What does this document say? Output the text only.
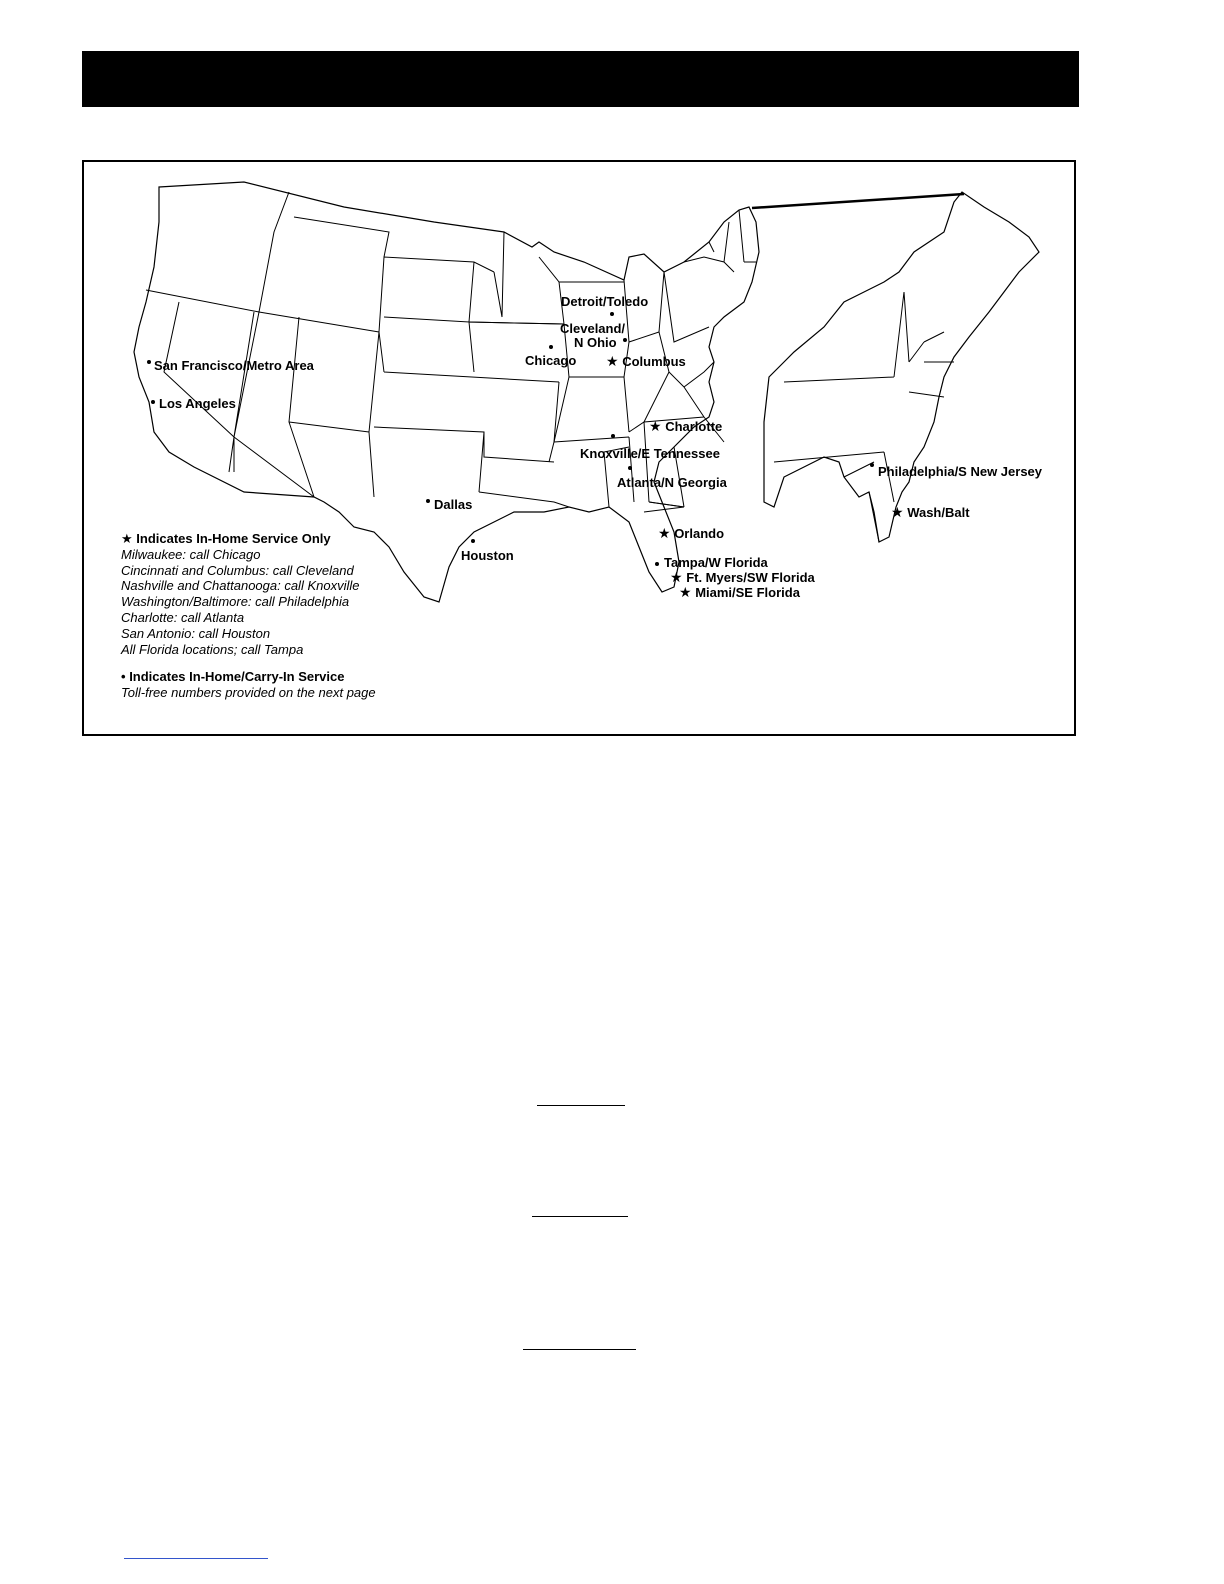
San Francisco/Metro Area
Los Angeles
Dallas
Houston
Chicago
Detroit/Toledo
Cleveland/
N Ohio
★ Columbus
★ Charlotte
Knoxville/E Tennessee
Atlanta/N Georgia
★ Orlando
Tampa/W Florida
★ Ft. Myers/SW Florida
★ Miami/SE Florida
Philadelphia/S New Jersey
★ Wash/Balt
★ Indicates In-Home Service Only
Milwaukee: call Chicago
Cincinnati and Columbus: call Cleveland
Nashville and Chattanooga: call Knoxville
Washington/Baltimore: call Philadelphia
Charlotte: call Atlanta
San Antonio: call Houston
All Florida locations; call Tampa
• Indicates In-Home/Carry-In Service
Toll-free numbers provided on the next page
